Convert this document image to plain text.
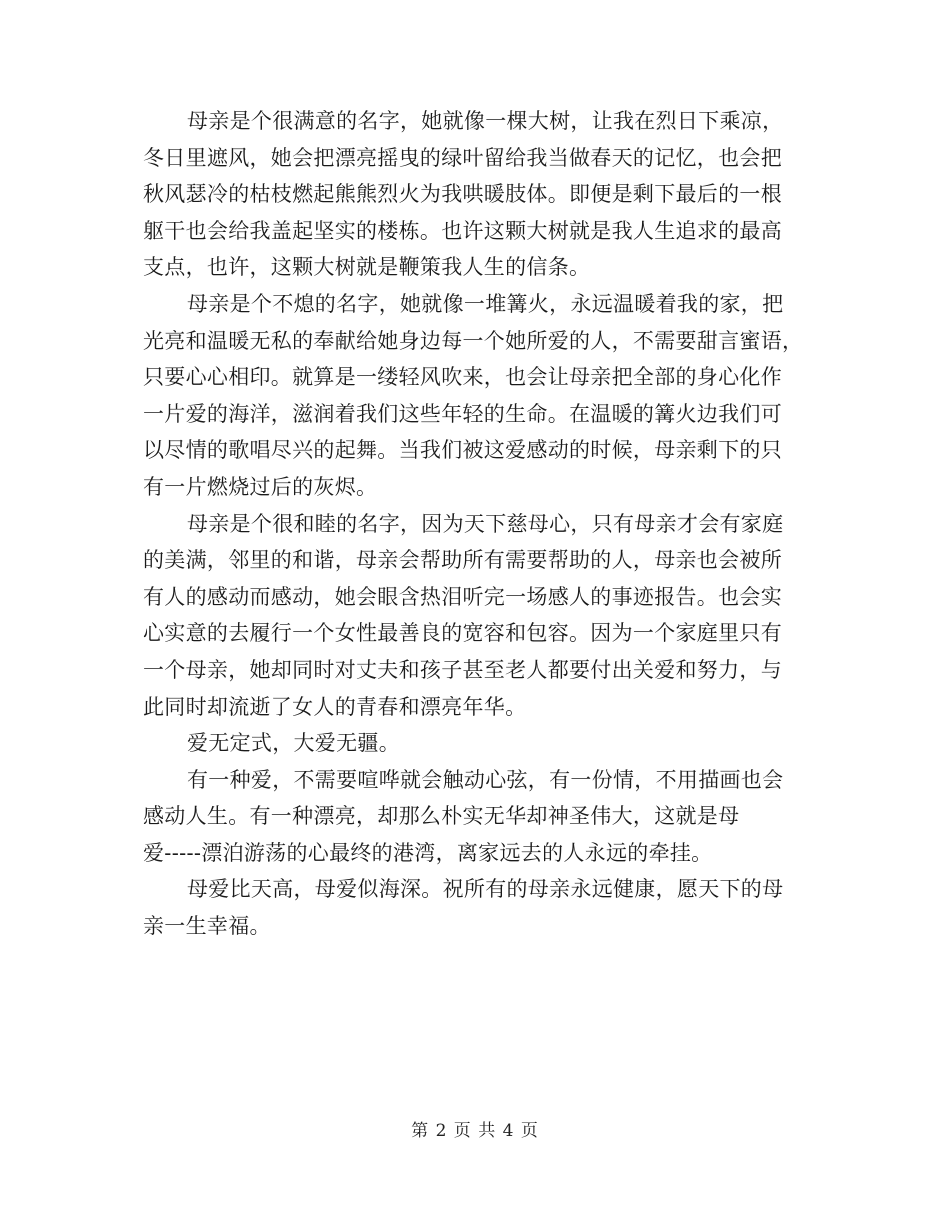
母亲是个很满意的名字，她就像一棵大树，让我在烈日下乘凉，
冬日里遮风，她会把漂亮摇曳的绿叶留给我当做春天的记忆，也会把
秋风瑟冷的枯枝燃起熊熊烈火为我哄暖肢体。即便是剩下最后的一根
躯干也会给我盖起坚实的楼栋。也许这颗大树就是我人生追求的最高
支点，也许，这颗大树就是鞭策我人生的信条。

母亲是个不熄的名字，她就像一堆篝火，永远温暖着我的家，把
光亮和温暖无私的奉献给她身边每一个她所爱的人，不需要甜言蜜语，
只要心心相印。就算是一缕轻风吹来，也会让母亲把全部的身心化作
一片爱的海洋，滋润着我们这些年轻的生命。在温暖的篝火边我们可
以尽情的歌唱尽兴的起舞。当我们被这爱感动的时候，母亲剩下的只
有一片燃烧过后的灰烬。

母亲是个很和睦的名字，因为天下慈母心，只有母亲才会有家庭
的美满，邻里的和谐，母亲会帮助所有需要帮助的人，母亲也会被所
有人的感动而感动，她会眼含热泪听完一场感人的事迹报告。也会实
心实意的去履行一个女性最善良的宽容和包容。因为一个家庭里只有
一个母亲，她却同时对丈夫和孩子甚至老人都要付出关爱和努力，与
此同时却流逝了女人的青春和漂亮年华。

爱无定式，大爱无疆。

有一种爱，不需要喧哗就会触动心弦，有一份情，不用描画也会
感动人生。有一种漂亮，却那么朴实无华却神圣伟大，这就是母
爱-----漂泊游荡的心最终的港湾，离家远去的人永远的牵挂。

母爱比天高，母爱似海深。祝所有的母亲永远健康，愿天下的母
亲一生幸福。

第 2 页 共 4 页
